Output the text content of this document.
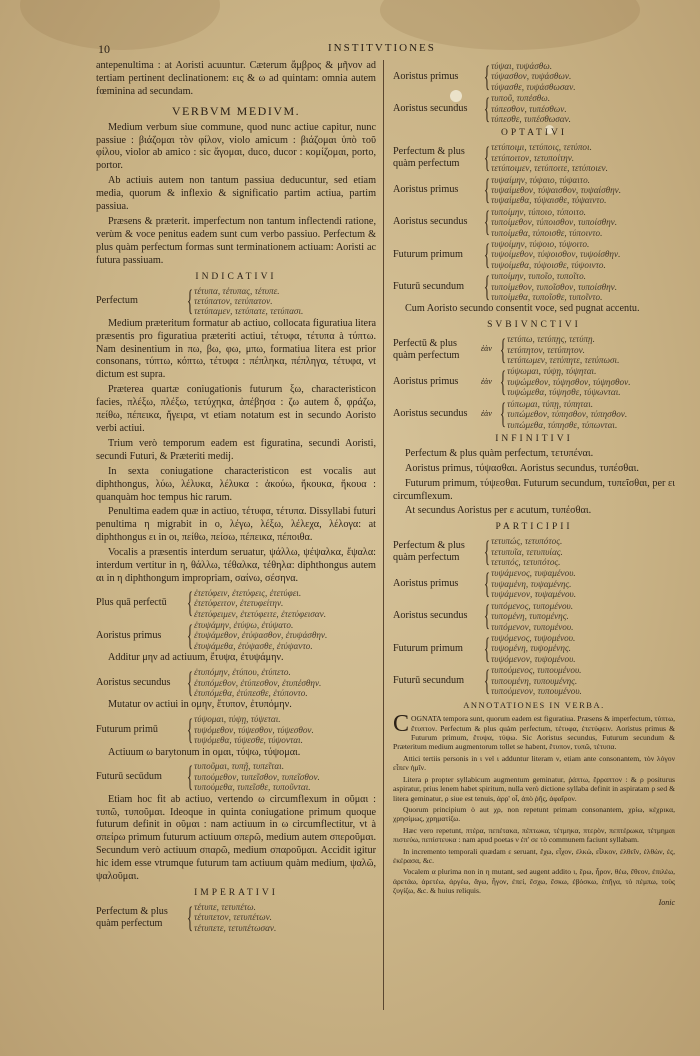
10	INSTITVTIONES

antepenultima : at Aoristi acuuntur. Cæterum ἄμβρος & μῆνον ad tertiam pertinent declinationem: εις & ω ad quintam: omnia autem fœminina ad secundam.

VERBVM MEDIVM.

Medium verbum siue commune, quod nunc actiue capitur, nunc passiue : βιάζομαι τὸν φίλον, violo amicum : βιάζομαι ὑπὸ τοῦ φίλου, violor ab amico : sic ἄγομαι, duco, ducor : κομίζομαι, porto, portor.

Ab actiuis autem non tantum passiua deducuntur, sed etiam media, quorum & inflexio & significatio partim actiua, partim passiua.

Præsens & præterit. imperfectum non tantum inflectendi ratione, verùm & voce penitus eadem sunt cum verbo passiuo. Perfectum & plus quàm perfectum formas sunt terminationem actiuam: Aoristi ac futura passiuam.

INDICATIVI
Perfectum	{ τέτυπα, τέτυπας, τέτυπε.
τετύπατον, τετύπατον.
τετύπαμεν, τετύπατε, τετύπασι.

Medium præteritum formatur ab actiuo, collocata figuratiua litera præsentis pro figuratiua præteriti actiui, τέτυφα, τέτυπα à τύπτω. Nam desinentium in πω, βω, φω, μπω, formatiua litera est prior consonans, τύπτω, κόπτω, τέτυφα : πέπληκα, πέπληγα, τέτυφα, vt dictum est supra.

Præterea quartæ coniugationis futurum ξω, characteristicon facies, πλέξω, πλέξω, τετύχηκα, ἀπέβησα : ζω autem δ, φράζω, πείθω, πέπεικα, ἤγειρα, vt etiam notatum est in secundo Aoristo verbi actiui.

Trium verò temporum eadem est figuratina, secundi Aoristi, secundi Futuri, & Præteriti medij.

In sexta coniugatione characteristicon est vocalis aut diphthongus, λύω, λέλυκα, λέλυκα : ἀκούω, ἤκουκα, ἤκουα : quanquàm hoc tempus hic rarum.

Penultima eadem quæ in actiuo, τέτυφα, τέτυπα. Dissyllabi futuri penultima η migrabit in ο, λέγω, λέξω, λέλεχα, λέλογα: at diphthongus ει in οι, πείθω, πείσω, πέπεικα, πέποιθα.

Vocalis a præsentis interdum seruatur, ψάλλω, ψέψαλκα, ἔψαλα: interdum vertitur in η, θάλλω, τέθαλκα, τέθηλα: diphthongus autem αι in η diphthongum impropriam, σαίνω, σέσηνα.

Plus quā perfectū { ἐτετύφειν, ἐτετύφεις, ἐτετύφει.
ἐτετύφειτον, ἐτετυφείτην.
ἐτετύφειμεν, ἐτετύφειτε, ἐτετύφεισαν.
Aoristus primus { ἐτυψάμην, ἐτύψω, ἐτύψατο.
ἐτυψάμεθον, ἐτύψασθον, ἐτυψάσθην.
ἐτυψάμεθα, ἐτύψασθε, ἐτύψαντο.

Additur μην ad actiuum, ἔτυψα, ἐτυψάμην.

Aoristus secundus { ἐτυπόμην, ἐτύπου, ἐτύπετο.
ἐτυπόμεθον, ἐτύπεσθον, ἐτυπέσθην.
ἐτυπόμεθα, ἐτύπεσθε, ἐτύποντο.

Mutatur ον actiui in ομην, ἔτυπον, ἐτυπόμην.

Futurum primū { τύψομαι, τύψῃ, τύψεται.
τυψόμεθον, τύψεσθον, τύψεσθον.
τυψόμεθα, τύψεσθε, τύψονται.

Actiuum ω barytonum in ομαι, τύψω, τύψομαι.

Futurū secūdum { τυποῦμαι, τυπῇ, τυπεῖται.
τυπούμεθον, τυπεῖσθον, τυπεῖσθον.
τυπούμεθα, τυπεῖσθε, τυποῦνται.

Etiam hoc fit ab actiuo, vertendo ω circumflexum in οῦμαι : τυπῶ, τυποῦμαι. Ideoque in quinta coniugatione primum quoque futurum definit in οῦμαι : nam actiuum in ω circumflectitur, vt à σπείρω primum futurum actiuum σπερῶ, medium autem σπεροῦμαι. Secundum verò actiuum σπαρῶ, medium σπαροῦμαι. Accidit igitur hic idem esse vtrumque futurum tam actiuum quàm medium, ψαλῶ, ψαλοῦμαι.

IMPERATIVI
Perfectum & plus quàm perfectum { τέτυπε, τετυπέτω.
τέτυπετον, τετυπέτων.
τέτυπετε, τετυπέτωσαν.
Aoristus primus { τύψαι, τυψάσθω.
τύψασθον, τυψάσθων.
τύψασθε, τυψάσθωσαν.
Aoristus secundus { τυποῦ, τυπέσθω.
τύπεσθον, τυπέσθων.
τύπεσθε, τυπέσθωσαν.
OPTATIVI
Perfectum & plus quàm perfectum { τετύποιμι, τετύποις, τετύποι.
τετύποιτον, τετυποίτην.
τετύποιμεν, τετύποιτε, τετύποιεν.
Aoristus primus { τυψαίμην, τύψαιο, τύψαιτο.
τυψαίμεθον, τύψαισθον, τυψαίσθην.
τυψαίμεθα, τύψαισθε, τύψαιντο.
Aoristus secundus { τυποίμην, τύποιο, τύποιτο.
τυποίμεθον, τύποισθον, τυποίσθην.
τυποίμεθα, τύποισθε, τύποιντο.
Futurum primum { τυψοίμην, τύψοιο, τύψοιτο.
τυψοίμεθον, τύψοισθον, τυψοίσθην.
τυψοίμεθα, τύψοισθε, τύψοιντο.
Futurū secundum { τυποίμην, τυποῖο, τυποῖτο.
τυποίμεθον, τυποῖσθον, τυποίσθην.
τυποίμεθα, τυποῖσθε, τυποῖντο.

Cum Aoristo secundo consentit voce, sed pugnat accentu.

SVBIVNCTIVI
Perfectū & plus quàm perfectum
ἐὰν { τετύπω, τετύπῃς, τετύπῃ.
τετύπητον, τετύπητον.
τετύπωμεν, τετύπητε, τετύπωσι.
Aoristus primus	ἐὰν { τύψωμαι, τύψῃ, τύψηται.
τυψώμεθον, τύψησθον, τύψησθον.
τυψώμεθα, τύψησθε, τύψωνται.
Aoristus secundus	ἐὰν { τύπωμαι, τύπῃ, τύπηται.
τυπώμεθον, τύπησθον, τύπησθον.
τυπώμεθα, τύπησθε, τύπωνται.
INFINITIVI

Perfectum & plus quàm perfectum, τετυπέναι.

Aoristus primus, τύψασθαι. Aoristus secundus, τυπέσθαι.

Futurum primum, τύψεσθαι. Futurum secundum, τυπεῖσθαι, per ει circumflexum.

At secundus Aoristus per ε acutum, τυπέσθαι.

PARTICIPII
Perfectum & plus quàm perfectum { τετυπώς, τετυπότος.
τετυπυῖα, τετυπυίας.
τετυπός, τετυπότος.
Aoristus primus { τυψάμενος, τυψαμένου.
τυψαμένη, τυψαμένης.
τυψάμενον, τυψαμένου.
Aoristus secundus { τυπόμενος, τυπομένου.
τυπομένη, τυπομένης.
τυπόμενον, τυπομένου.
Futurum primum { τυψόμενος, τυψομένου.
τυψομένη, τυψομένης.
τυψόμενον, τυψομένου.
Futurū secundum { τυπούμενος, τυπουμένου.
τυπουμένη, τυπουμένης.
τυπούμενον, τυπουμένου.
ANNOTATIONES IN VERBA.

COGNATA tempora sunt, quorum eadem est figuratiua. Præsens & imperfectum, τύπτω, ἔτυπτον. Perfectum & plus quàm perfectum, τέτυφα, ἐτετύφειν. Aoristus primus & Futurum primum, ἔτυψα, τύψω. Sic Aoristus secundus, Futurum secundum & Præteritum medium augmentorum tollet se habent, ἔτυπον, τυπῶ, τέτυπα.

Attici tertiis personis in ι vel ι adduntur literam ν, etiam ante consonantem, τὸν λόγον εἶπεν ἡμῖν.

Litera ρ propter syllabicum augmentum geminatur, ῥάπτω, ἔρραπτον : & ρ positurus aspiratur, prius lenem habet spiritum, nulla verò dictione syllaba definit in aspiratam ρ sed & litera geminatur, ρ siue est tenuis, ἀρρ' οἶ, ἀπὸ ῥῆς, ἀφαῖρον.

Quorum principium ὁ aut χρ, non repetunt primam consonantem, χρίω, κέχρικα, χρησίμως, χρηματίζω.

Hæc vero repetunt, πτέρα, πεπέτακα, πέπτωκα, τέτμηκα, πτερὸν, πεπτέρωκα, τέτμημαι πιστεύω, πεπίστευκα : nam apud poetas ν ἐπ' σε τὸ communem faciunt syllabam.

In incremento temporali quædam ε seruant, ἔχω, εἶχον, ἐλκὼ, εἷλκον, ἐλθεῖν, ἐλθὼν, ἐς, ἐκέρασα, &c.

Vocalem α plurima non in η mutant, sed augent addito ι, ἕρω, ἦρον, θέω, ἔθεον, ἐπιλέω, ἀρετάω, ἀρετέω, ἀργέω, ἄγω, ἦγον, ἐπεί, ἔσχω, ἔσκω, ἐβόσκω, ἐπῆγα, τὸ πέμπω, τοὺς ζυγίζω, &c. & huius reliquis.

Ionic
